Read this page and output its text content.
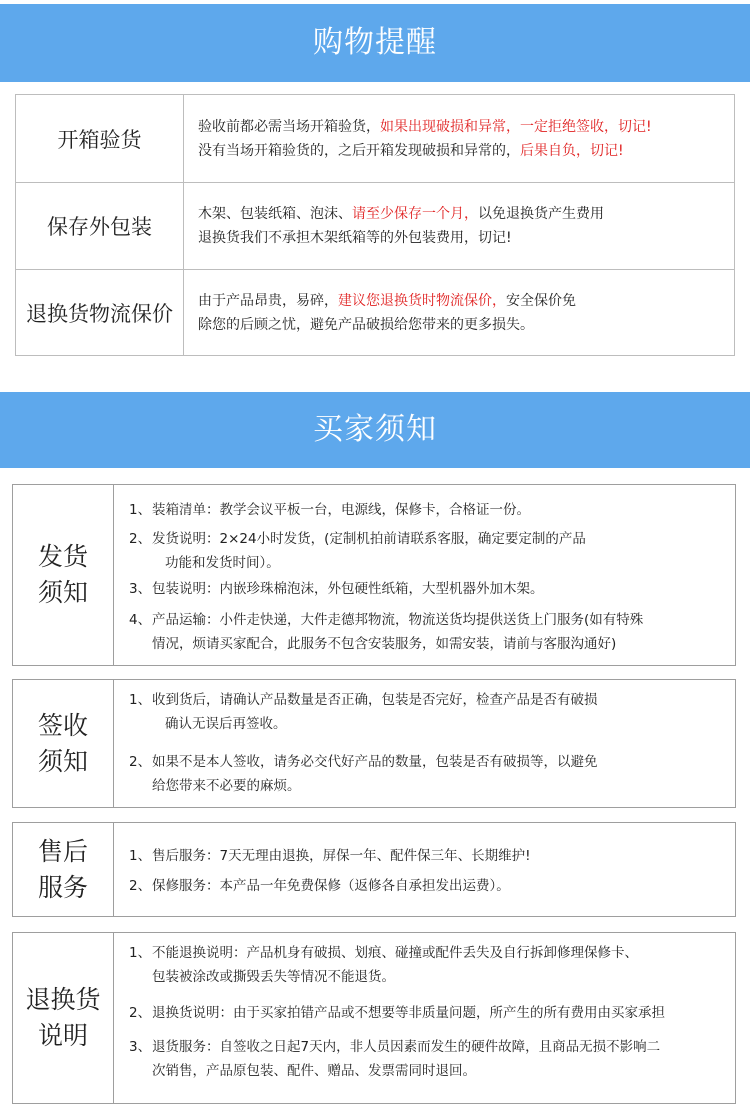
购物提醒
开箱验货
验收前都必需当场开箱验货，如果出现破损和异常，一定拒绝签收，切记!
没有当场开箱验货的，之后开箱发现破损和异常的，后果自负，切记!
保存外包装
木架、包装纸箱、泡沫、请至少保存一个月，以免退换货产生费用
退换货我们不承担木架纸箱等的外包装费用，切记!
退换货物流保价
由于产品昂贵，易碎，建议您退换货时物流保价，安全保价免
除您的后顾之忧，避免产品破损给您带来的更多损失。
买家须知
发货
须知
1、 装箱清单：教学会议平板一台，电源线，保修卡，合格证一份。
2、 发货说明：2×24小时发货，(定制机拍前请联系客服，确定要定制的产品
功能和发货时间）。
3、 包装说明：内嵌珍珠棉泡沫，外包硬性纸箱，大型机器外加木架。
4、 产品运输：小件走快递，大件走德邦物流，物流送货均提供送货上门服务(如有特殊
情况，烦请买家配合，此服务不包含安装服务，如需安装，请前与客服沟通好)
签收
须知
1、 收到货后，请确认产品数量是否正确，包装是否完好，检查产品是否有破损
确认无误后再签收。
2、 如果不是本人签收，请务必交代好产品的数量，包装是否有破损等，以避免
给您带来不必要的麻烦。
售后
服务
1、 售后服务：7天无理由退换，屏保一年、配件保三年、长期维护!
2、 保修服务：本产品一年免费保修（返修各自承担发出运费）。
退换货
说明
1、 不能退换说明：产品机身有破损、划痕、碰撞或配件丢失及自行拆卸修理保修卡、
包装被涂改或撕毁丢失等情况不能退货。
2、 退换货说明：由于买家拍错产品或不想要等非质量问题，所产生的所有费用由买家承担
3、 退货服务：自签收之日起7天内，非人员因素而发生的硬件故障，且商品无损不影响二
次销售，产品原包装、配件、赠品、发票需同时退回。
